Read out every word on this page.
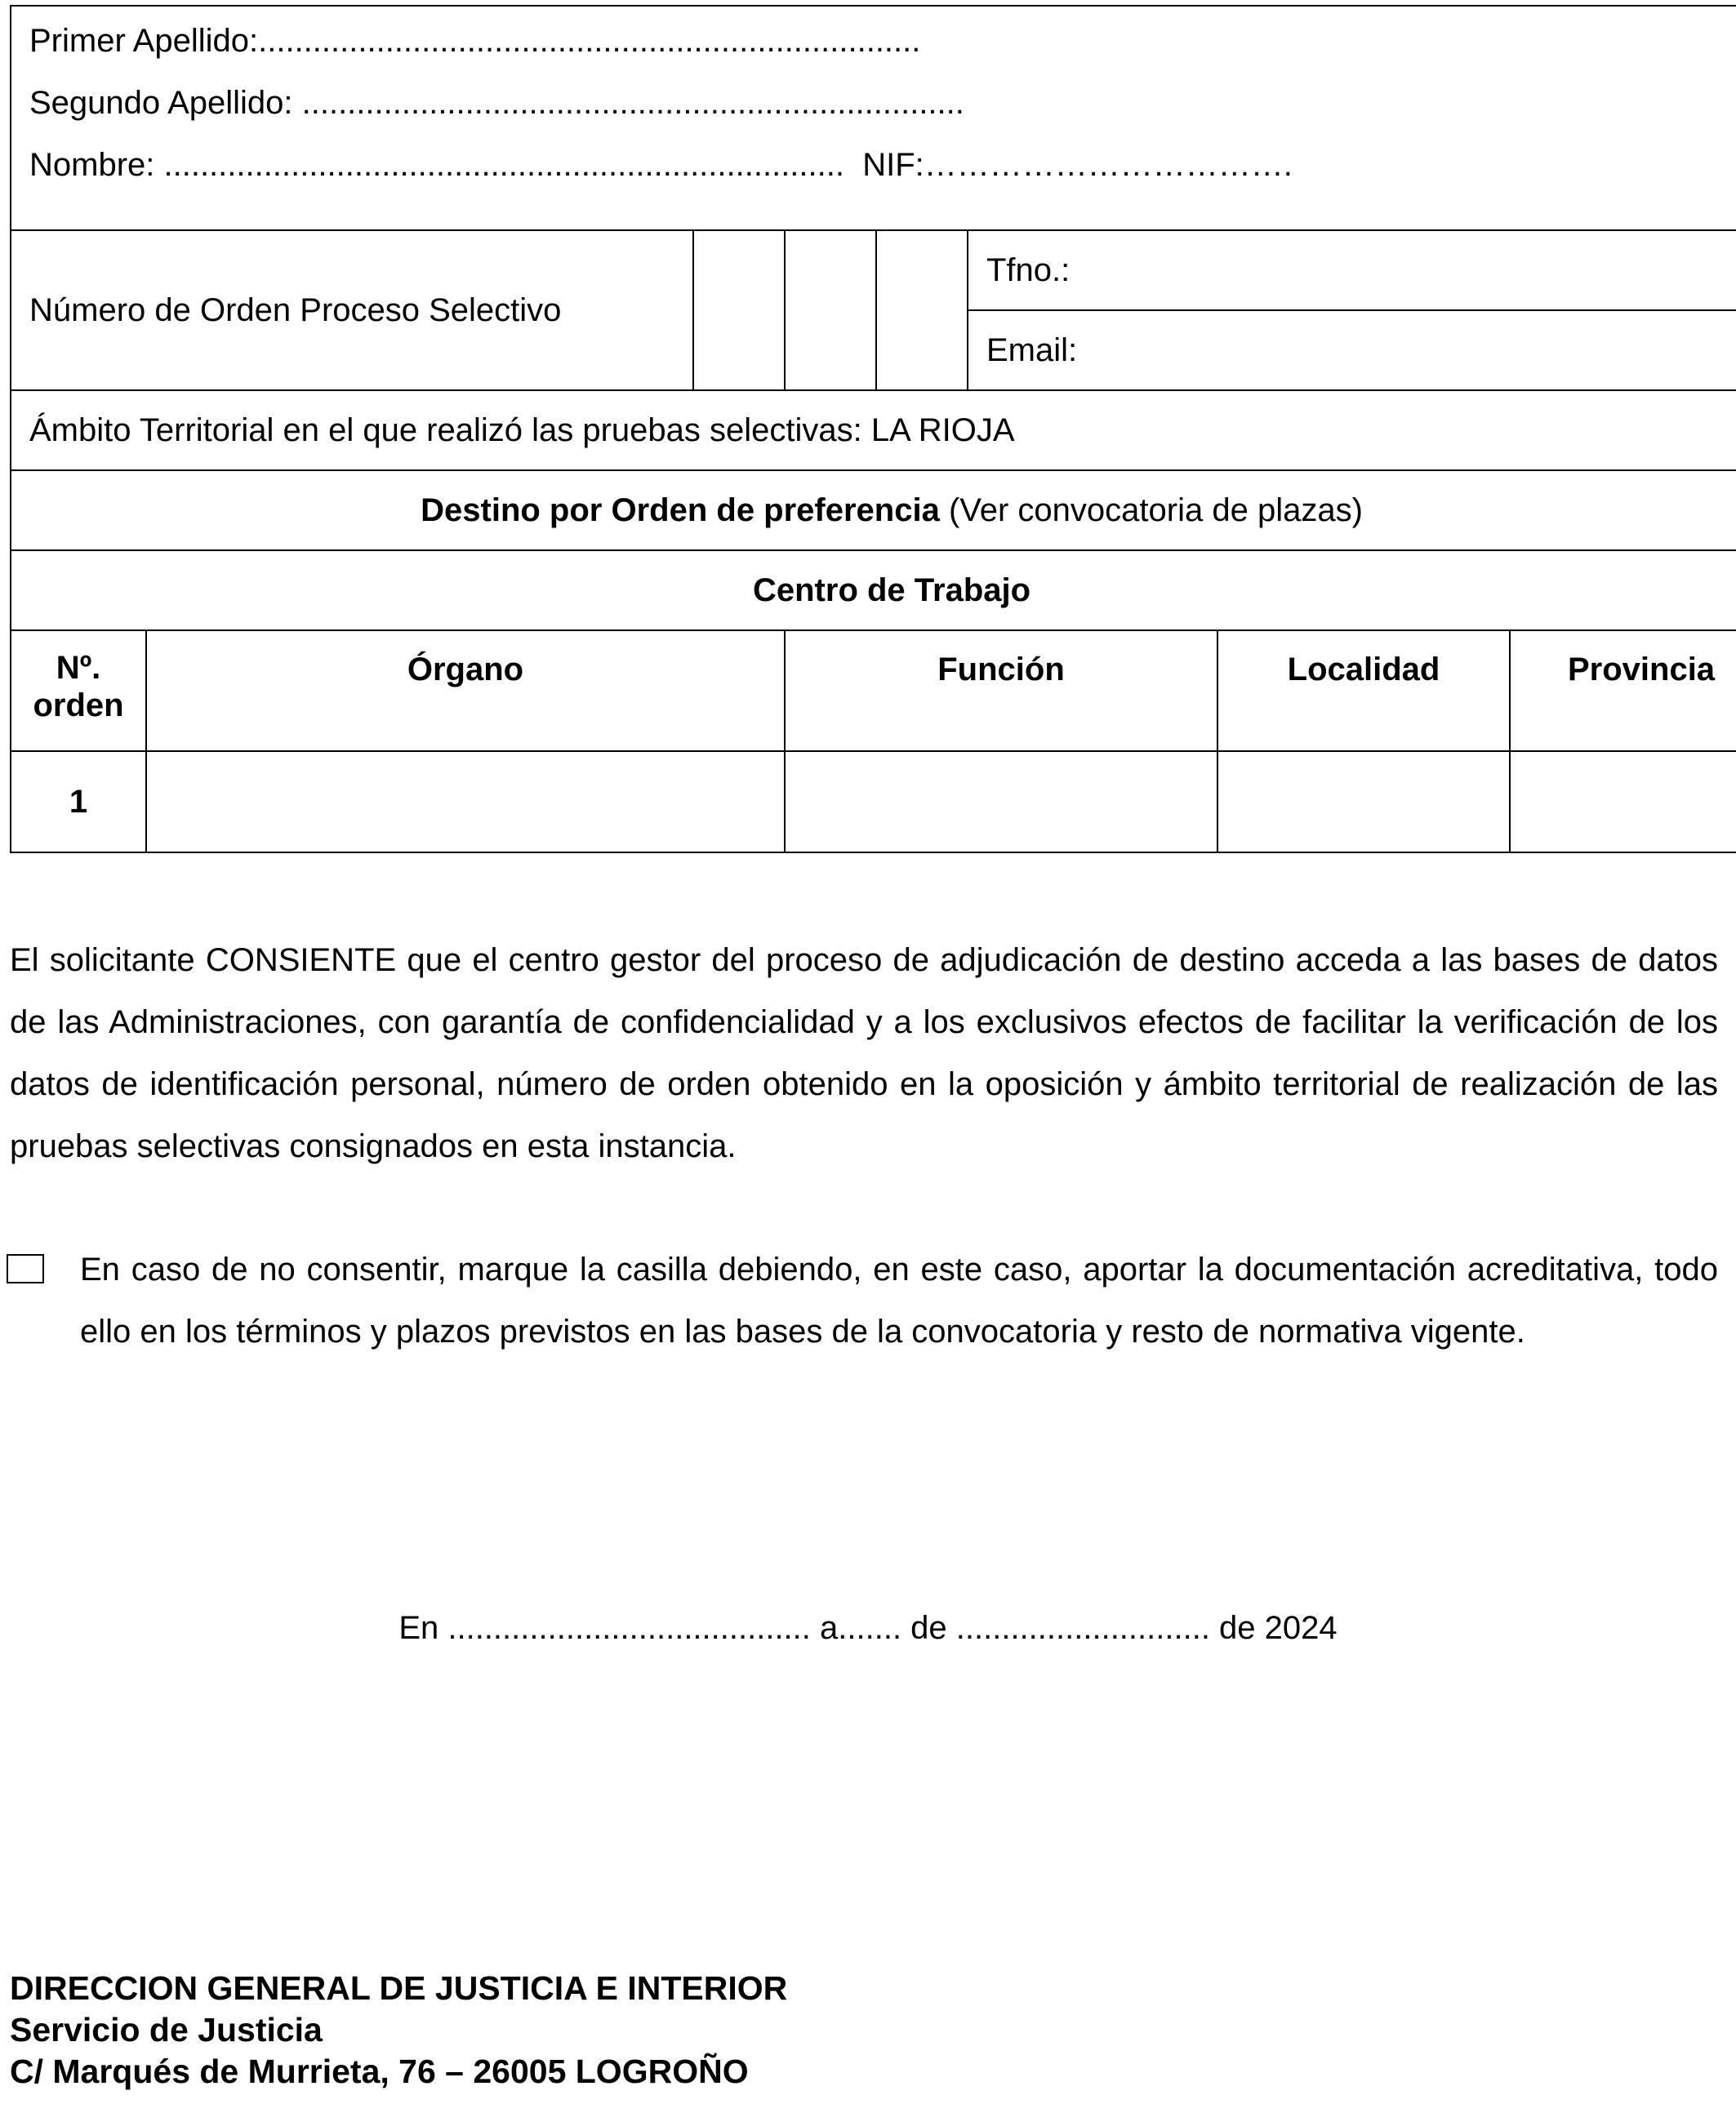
Primer Apellido:.........................................................................
Segundo Apellido: .........................................................................
Nombre: ........................................................................... NIF:…………………………….							

Número de Orden Proceso Selectivo					Tfno.:		
					Email:		
Ámbito Territorial en el que realizó las pruebas selectivas: LA RIOJA							
Destino por Orden de preferencia (Ver convocatoria de plazas)							
Centro de Trabajo							
Nº. orden	Órgano		Función			Localidad	Provincia
1							
El solicitante CONSIENTE que el centro gestor del proceso de adjudicación de destino acceda a las bases de datos de las Administraciones, con garantía de confidencialidad y a los exclusivos efectos de facilitar la verificación de los datos de identificación personal, número de orden obtenido en la oposición y ámbito territorial de realización de las pruebas selectivas consignados en esta instancia.
En caso de no consentir, marque la casilla debiendo, en este caso, aportar la documentación acreditativa, todo ello en los términos y plazos previstos en las bases de la convocatoria y resto de normativa vigente.
En ........................................ a....... de ............................ de 2024
DIRECCION GENERAL DE JUSTICIA E INTERIOR
Servicio de Justicia
C/ Marqués de Murrieta, 76 – 26005 LOGROÑO
